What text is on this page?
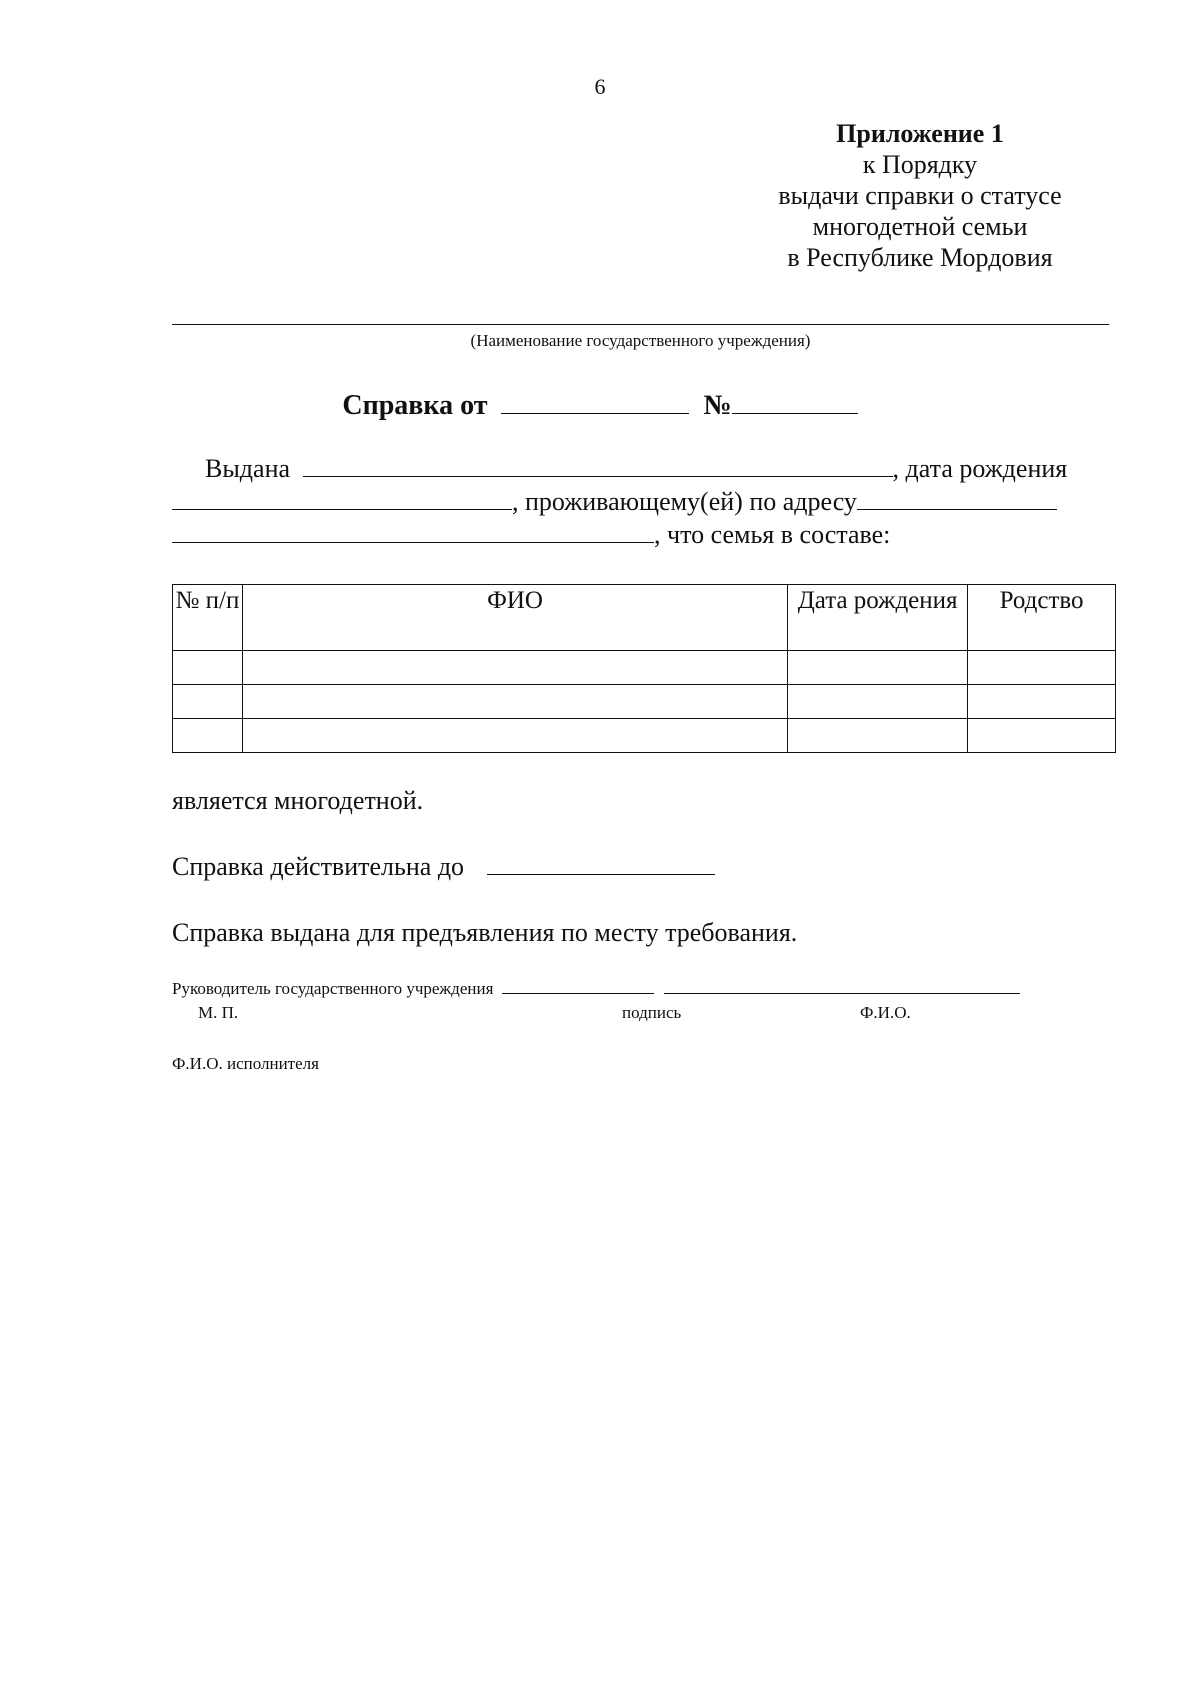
6
Приложение 1
к Порядку
выдачи справки о статусе
многодетной семьи
в Республике Мордовия
(Наименование государственного учреждения)
Справка от	№
Выдана	, дата рождения
, проживающему(ей) по адресу
, что семья в составе:
№ п/п	ФИО	Дата рождения	Родство

является многодетной.
Справка действительна до
Справка выдана для предъявления по месту требования.
Руководитель государственного учреждения
М. П.	подпись	Ф.И.О.
Ф.И.О. исполнителя
